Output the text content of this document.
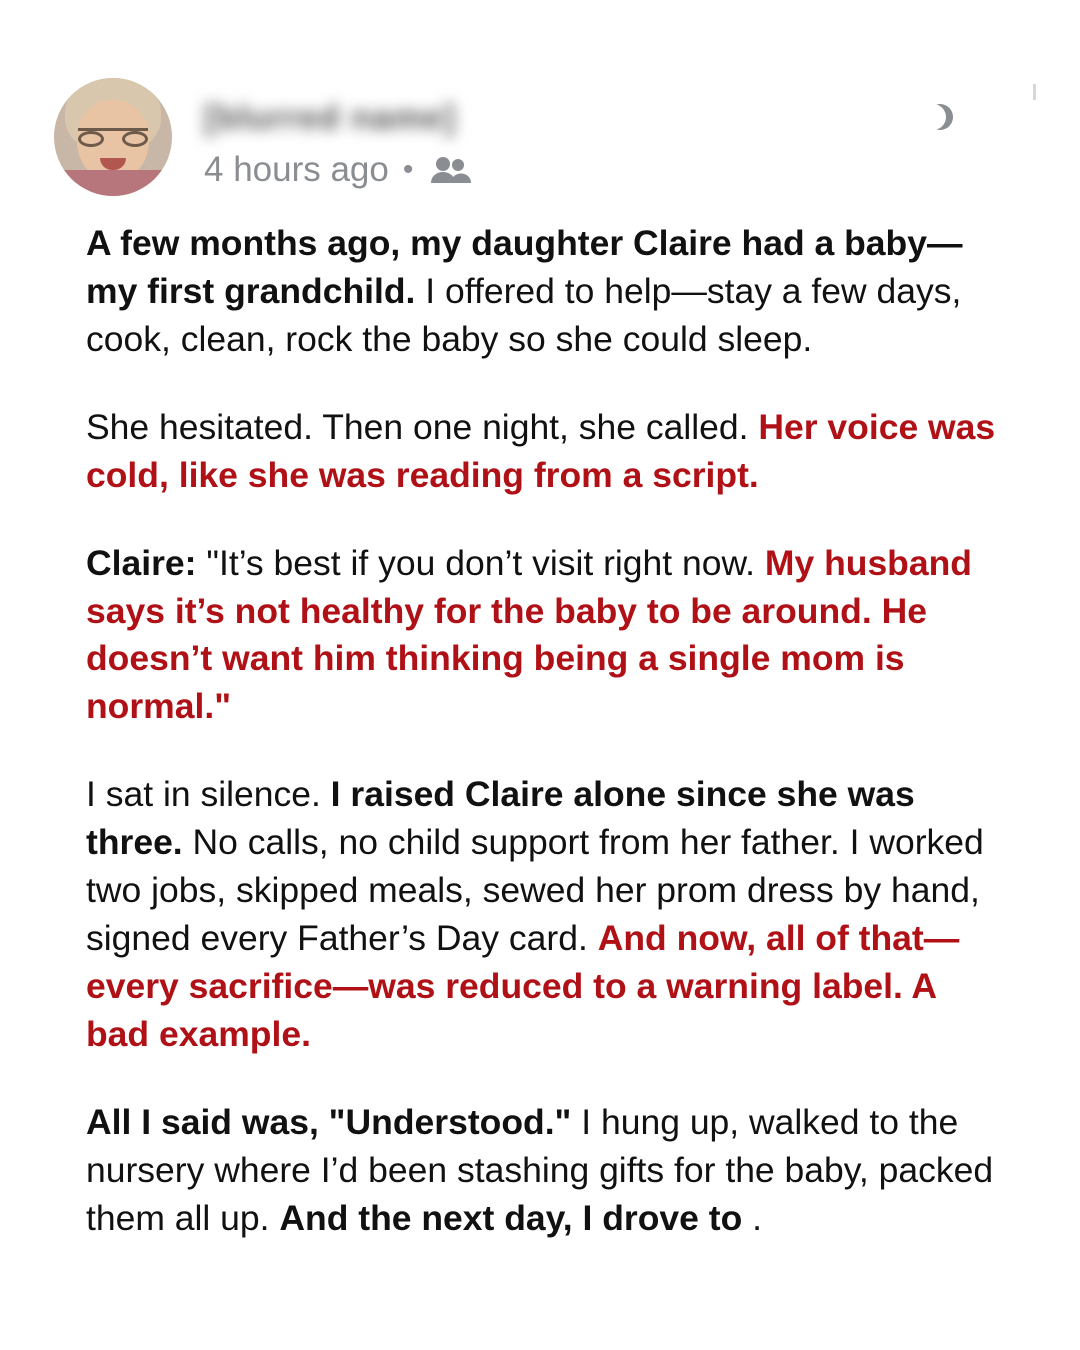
[blurred name]
4 hours ago •

A few months ago, my daughter Claire had a baby—my first grandchild. I offered to help—stay a few days, cook, clean, rock the baby so she could sleep.

She hesitated. Then one night, she called. Her voice was cold, like she was reading from a script.

Claire: "It’s best if you don’t visit right now. My husband says it’s not healthy for the baby to be around. He doesn’t want him thinking being a single mom is normal."

I sat in silence. I raised Claire alone since she was three. No calls, no child support from her father. I worked two jobs, skipped meals, sewed her prom dress by hand, signed every Father’s Day card. And now, all of that—every sacrifice—was reduced to a warning label. A bad example.

All I said was, "Understood." I hung up, walked to the nursery where I’d been stashing gifts for the baby, packed them all up. And the next day, I drove to .
